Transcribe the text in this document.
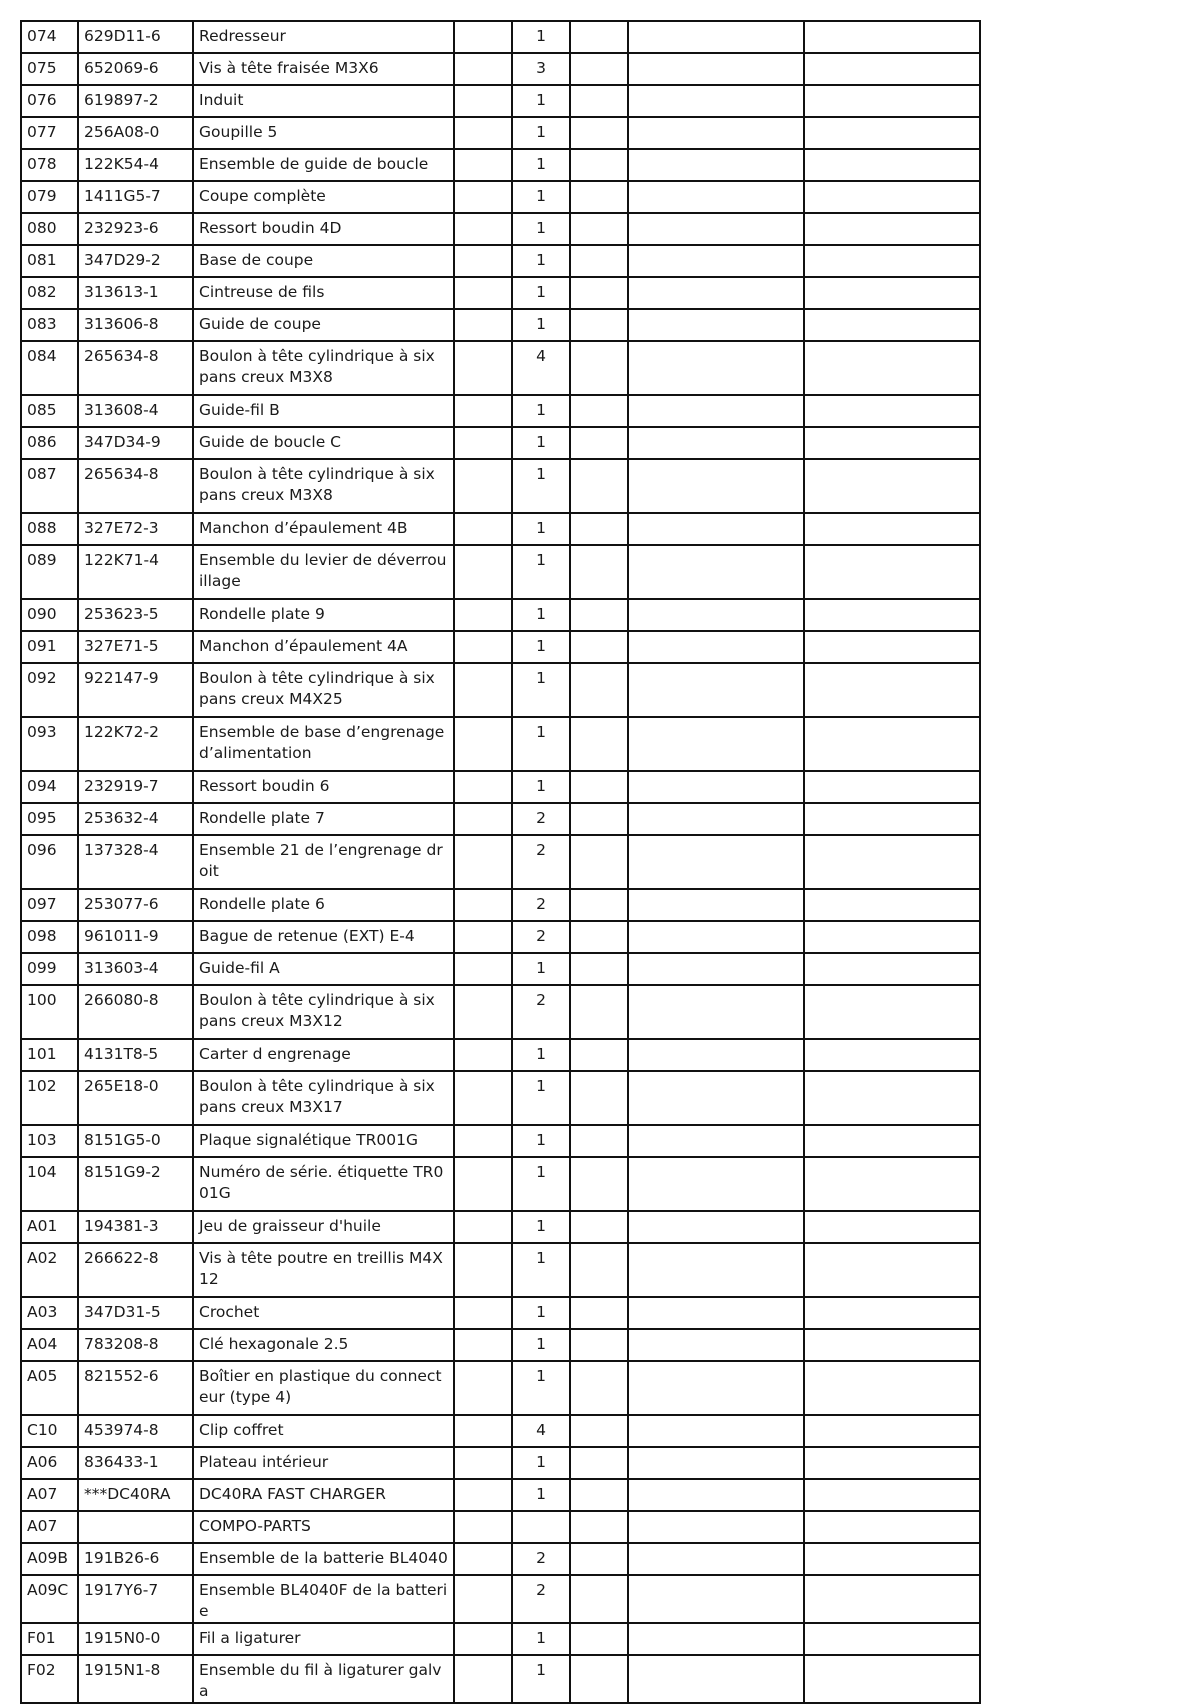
074	629D11-6	Redresseur		1			
075	652069-6	Vis à tête fraisée M3X6		3			
076	619897-2	Induit		1			
077	256A08-0	Goupille 5		1			
078	122K54-4	Ensemble de guide de boucle		1			
079	1411G5-7	Coupe complète		1			
080	232923-6	Ressort boudin 4D		1			
081	347D29-2	Base de coupe		1			
082	313613-1	Cintreuse de fils		1			
083	313606-8	Guide de coupe		1			
084	265634-8	Boulon à tête cylindrique à six pans creux M3X8		4			
085	313608-4	Guide-fil B		1			
086	347D34-9	Guide de boucle C		1			
087	265634-8	Boulon à tête cylindrique à six pans creux M3X8		1			
088	327E72-3	Manchon d’épaulement 4B		1			
089	122K71-4	Ensemble du levier de déverrouillage		1			
090	253623-5	Rondelle plate 9		1			
091	327E71-5	Manchon d’épaulement 4A		1			
092	922147-9	Boulon à tête cylindrique à six pans creux M4X25		1			
093	122K72-2	Ensemble de base d’engrenage d’alimentation		1			
094	232919-7	Ressort boudin 6		1			
095	253632-4	Rondelle plate 7		2			
096	137328-4	Ensemble 21 de l’engrenage droit		2			
097	253077-6	Rondelle plate 6		2			
098	961011-9	Bague de retenue (EXT) E-4		2			
099	313603-4	Guide-fil A		1			
100	266080-8	Boulon à tête cylindrique à six pans creux M3X12		2			
101	4131T8-5	Carter d engrenage		1			
102	265E18-0	Boulon à tête cylindrique à six pans creux M3X17		1			
103	8151G5-0	Plaque signalétique TR001G		1			
104	8151G9-2	Numéro de série. étiquette TR001G		1			
A01	194381-3	Jeu de graisseur d'huile		1			
A02	266622-8	Vis à tête poutre en treillis M4X12		1			
A03	347D31-5	Crochet		1			
A04	783208-8	Clé hexagonale 2.5		1			
A05	821552-6	Boîtier en plastique du connecteur (type 4)		1			
C10	453974-8	Clip coffret		4			
A06	836433-1	Plateau intérieur		1			
A07	***DC40RA	DC40RA FAST CHARGER		1			
A07		COMPO-PARTS					
A09B	191B26-6	Ensemble de la batterie BL4040		2			
A09C	1917Y6-7	Ensemble BL4040F de la batterie		2			
F01	1915N0-0	Fil a ligaturer		1			
F02	1915N1-8	Ensemble du fil à ligaturer galva		1			
